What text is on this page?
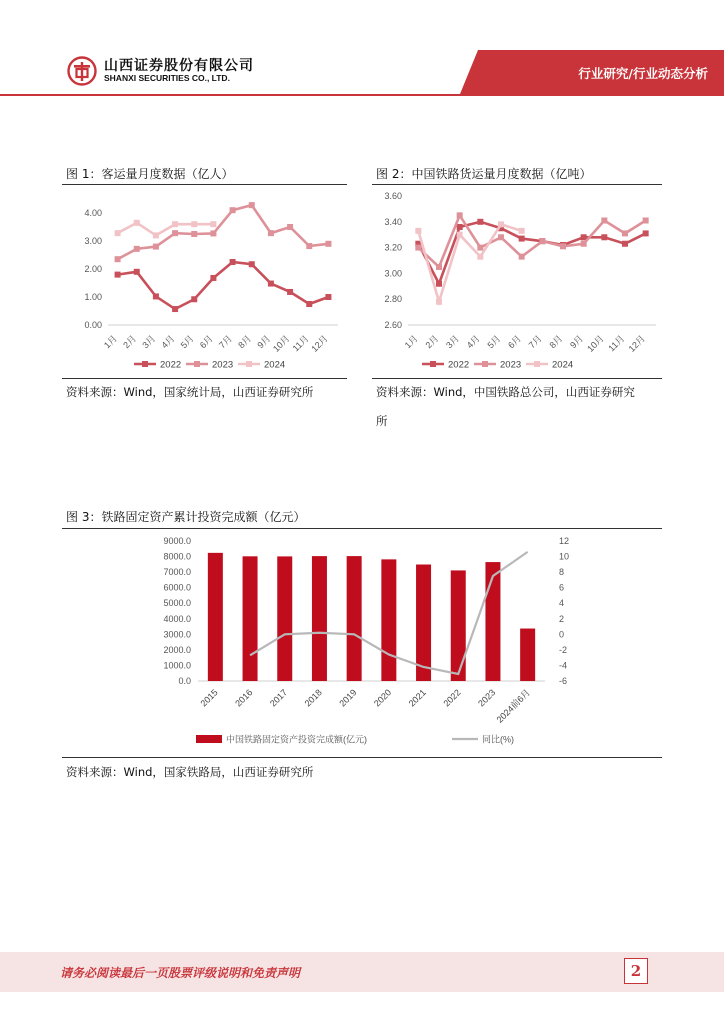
行业研究/行业动态分析
山西证券股份有限公司
SHANXI SECURITIES CO., LTD.
图 1：客运量月度数据（亿人）
0.00
1.00
2.00
3.00
4.00
1月 2月 3月 4月 5月 6月 7月 8月 9月
10月 11月
12月
2022	2023	2024
资料来源：Wind，国家统计局，山西证券研究所
图 2：中国铁路货运量月度数据（亿吨）
2.60
2.80
3.00
3.20
3.40
3.60
1月 2月 3月 4月 5月 6月 7月 8月 9月 10月 11月 12月
2022	2023	2024
资料来源：Wind，中国铁路总公司，山西证券研究
所
图 3：铁路固定资产累计投资完成额（亿元）
0.0
1000.0
2000.0
3000.0
4000.0
5000.0
6000.0
7000.0
8000.0
9000.0
-6
-4
-2
0
2
4
6
8
10
12
2015 2016 2017 2018 2019 2020 2021 2022 2023
2024前6月
中国铁路固定资产投资完成额(亿元)	同比(%)
资料来源：Wind，国家铁路局，山西证券研究所
请务必阅读最后一页股票评级说明和免责声明	2
